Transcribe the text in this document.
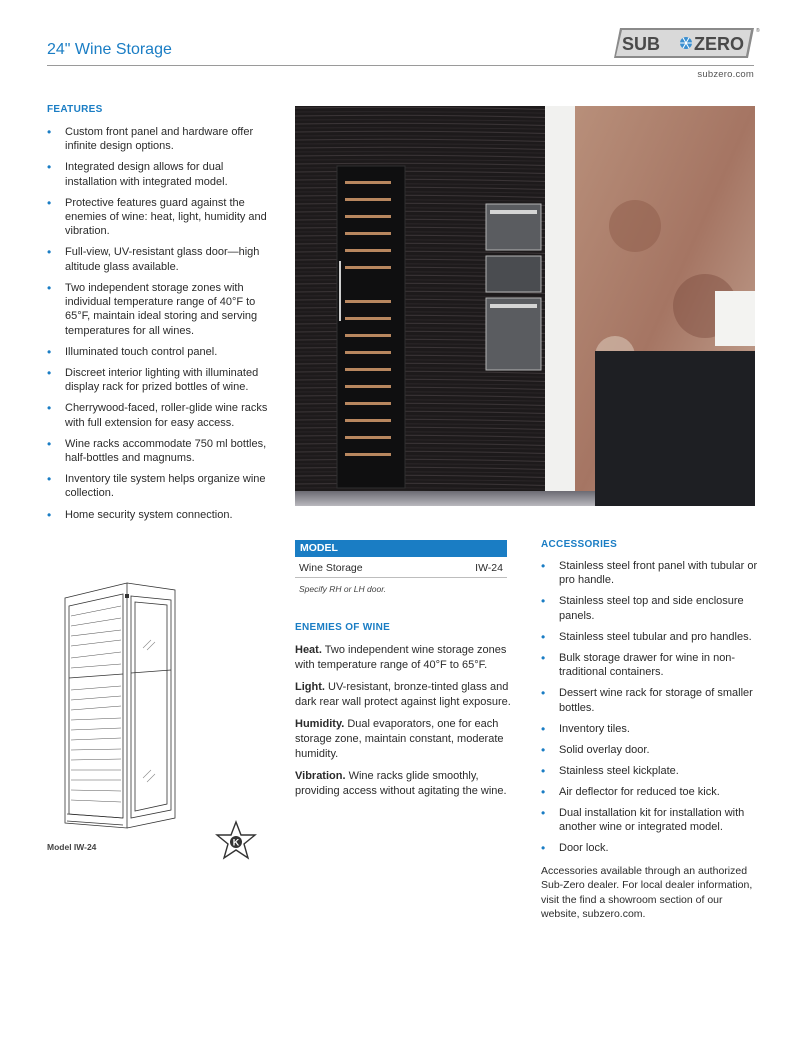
24" Wine Storage	SUB ZERO
®
subzero.com
FEATURES
• Custom front panel and hardware offer infinite design options.
• Integrated design allows for dual installation with integrated model.
• Protective features guard against the enemies of wine: heat, light, humidity and vibration.
• Full-view, UV-resistant glass door—high altitude glass available.
• Two independent storage zones with individual temperature range of 40°F to 65°F, maintain ideal storing and serving temperatures for all wines.
• Illuminated touch control panel.
• Discreet interior lighting with illuminated display rack for prized bottles of wine.
• Cherrywood-faced, roller-glide wine racks with full extension for easy access.
• Wine racks accommodate 750 ml bottles, half-bottles and magnums.
• Inventory tile system helps organize wine collection.
• Home security system connection.
MODEL
Wine Storage	IW-24
Specify RH or LH door.
ENEMIES OF WINE

Heat. Two independent wine storage zones with temperature range of 40°F to 65°F.

Light. UV-resistant, bronze-tinted glass and dark rear wall protect against light exposure.

Humidity. Dual evaporators, one for each storage zone, maintain constant, moderate humidity.

Vibration. Wine racks glide smoothly, providing access without agitating the wine.

ACCESSORIES
• Stainless steel front panel with tubular or pro handle.
• Stainless steel top and side enclosure panels.
• Stainless steel tubular and pro handles.
• Bulk storage drawer for wine in non-traditional containers.
• Dessert wine rack for storage of smaller bottles.
• Inventory tiles.
• Solid overlay door.
• Stainless steel kickplate.
• Air deflector for reduced toe kick.
• Dual installation kit for installation with another wine or integrated model.
• Door lock.
Accessories available through an authorized Sub-Zero dealer. For local dealer information, visit the find a showroom section of our website, subzero.com.
Model IW-24	K
